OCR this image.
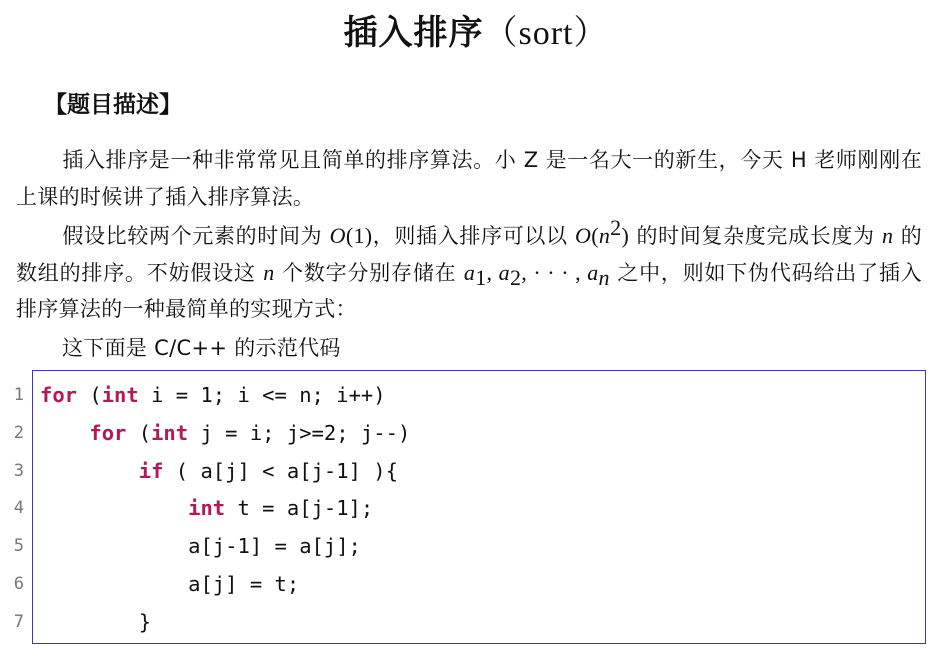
插入排序（sort）
【题目描述】
插入排序是一种非常常见且简单的排序算法。小 Z 是一名大一的新生，今天 H 老师刚刚在上课的时候讲了插入排序算法。
假设比较两个元素的时间为 O(1)，则插入排序可以以 $O(n^2)$ 的时间复杂度完成长度为 n 的数组的排序。不妨假设这 n 个数字分别存储在 $a_1$, $a_2$, · · · , $a_n$ 之中，则如下伪代码给出了插入排序算法的一种最简单的实现方式：
这下面是 C/C++ 的示范代码
1
2
3
4
5
6
7
for (int i = 1; i <= n; i++)
for (int j = i; j>=2; j--)
if ( a[j] < a[j-1] ){
int t = a[j-1];
a[j-1] = a[j];
a[j] = t;
}
